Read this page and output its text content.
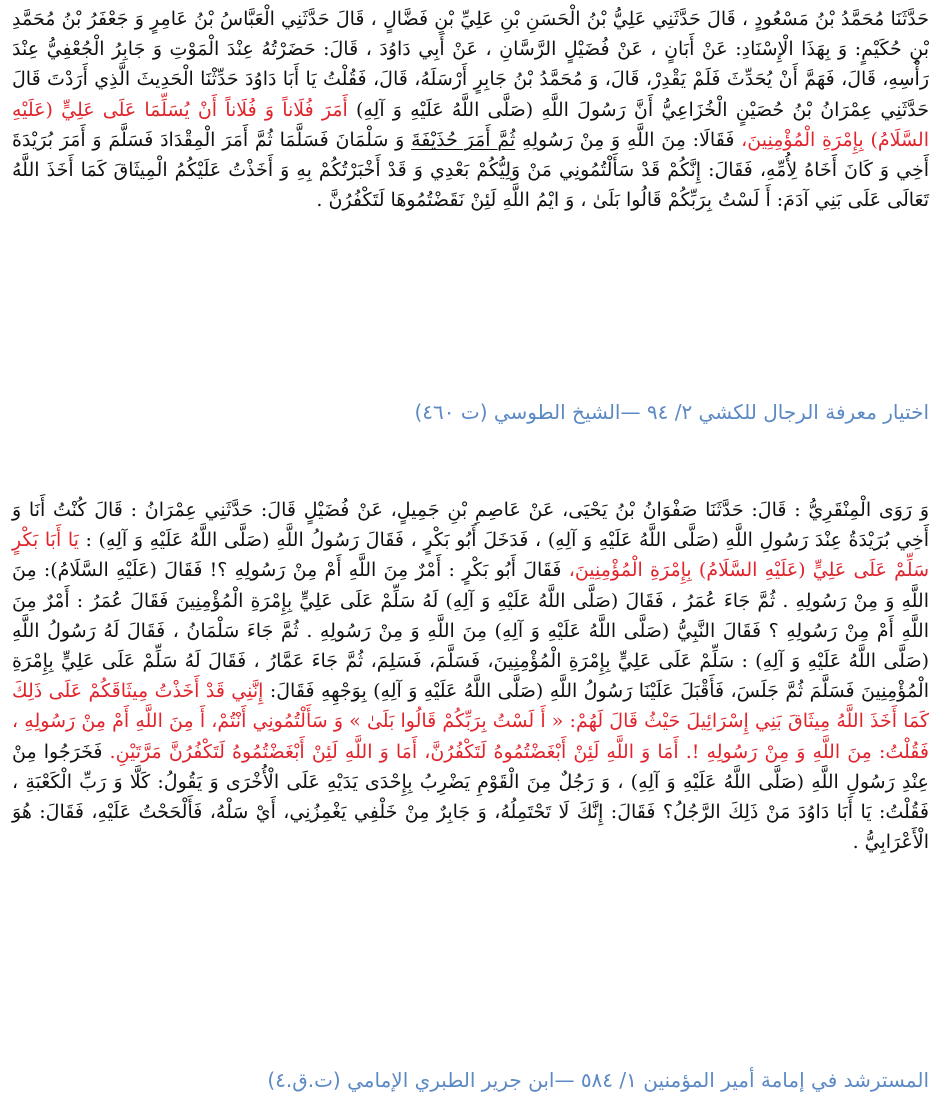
حَدَّثَنَا مُحَمَّدُ بْنُ مَسْعُودٍ ، قَالَ حَدَّثَنِي عَلِيُّ بْنُ الْحَسَنِ بْنِ عَلِيِّ بْنِ فَضَّالٍ ، قَالَ حَدَّثَنِي الْعَبَّاسُ بْنُ عَامِرٍ وَ جَعْفَرُ بْنُ مُحَمَّدِ بْنِ حُكَيْمٍ: وَ بِهَذَا الْإِسْنَادِ: عَنْ أَبَانٍ ، عَنْ فُضَيْلٍ الرَّسَّانِ ، عَنْ أَبِي دَاوُدَ ، قَالَ: حَضَرْتُهُ عِنْدَ الْمَوْتِ وَ جَابِرُ الْجُعْفِيُّ عِنْدَ رَأْسِهِ، قَالَ، فَهَمَّ أَنْ يُحَدِّثَ فَلَمْ يَقْدِرْ، قَالَ، وَ مُحَمَّدُ بْنُ جَابِرٍ أَرْسَلَهُ، قَالَ، فَقُلْتُ يَا أَبَا دَاوُدَ حَدِّثْنَا الْحَدِيثَ الَّذِي أَرَدْتَ قَالَ حَدَّثَنِي عِمْرَانُ بْنُ حُصَيْنٍ الْخُزَاعِيُّ أَنَّ رَسُولَ اللَّهِ (صَلَّى اللَّهُ عَلَيْهِ وَ آلِهِ) أَمَرَ فُلَاناً وَ فُلَاناً أَنْ يُسَلِّمَا عَلَى عَلِيٍّ (عَلَيْهِ السَّلَامُ) بِإِمْرَةِ الْمُؤْمِنِينَ، فَقَالَا: مِنَ اللَّهِ وَ مِنْ رَسُولِهِ ثُمَّ أَمَرَ حُذَيْفَةَ وَ سَلْمَانَ فَسَلَّمَا ثُمَّ أَمَرَ الْمِقْدَادَ فَسَلَّمَ وَ أَمَرَ بُرَيْدَةَ أَخِي وَ كَانَ أَخَاهُ لِأُمِّهِ، فَقَالَ: إِنَّكُمْ قَدْ سَأَلْتُمُونِي مَنْ وَلِيُّكُمْ بَعْدِي وَ قَدْ أَخْبَرْتُكُمْ بِهِ وَ أَخَذْتُ عَلَيْكُمُ الْمِيثَاقَ كَمَا أَخَذَ اللَّهُ تَعَالَى عَلَى بَنِي آدَمَ: أَ لَسْتُ بِرَبِّكُمْ قَالُوا بَلَىٰ ، وَ ايْمُ اللَّهِ لَئِنْ نَقَضْتُمُوهَا لَتَكْفُرُنَّ .
اختيار معرفة الرجال للكشي ٢/ ٩٤ —الشيخ الطوسي (ت ٤٦٠)
وَ رَوَى الْمِنْقَرِيُّ : قَالَ: حَدَّثَنَا صَفْوَانُ بْنُ يَحْيَى، عَنْ عَاصِمِ بْنِ جَمِيلٍ، عَنْ فُضَيْلٍ قَالَ: حَدَّثَنِي عِمْرَانُ : قَالَ كُنْتُ أَنَا وَ أَخِي بُرَيْدَةُ عِنْدَ رَسُولِ اللَّهِ (صَلَّى اللَّهُ عَلَيْهِ وَ آلِهِ) ، فَدَخَلَ أَبُو بَكْرٍ ، فَقَالَ رَسُولُ اللَّهِ (صَلَّى اللَّهُ عَلَيْهِ وَ آلِهِ) : يَا أَبَا بَكْرٍ سَلِّمْ عَلَى عَلِيٍّ (عَلَيْهِ السَّلَامُ) بِإِمْرَةِ الْمُؤْمِنِينَ، فَقَالَ أَبُو بَكْرٍ : أَمْرٌ مِنَ اللَّهِ أَمْ مِنْ رَسُولِهِ ؟! فَقَالَ (عَلَيْهِ السَّلَامُ): مِنَ اللَّهِ وَ مِنْ رَسُولِهِ . ثُمَّ جَاءَ عُمَرُ ، فَقَالَ (صَلَّى اللَّهُ عَلَيْهِ وَ آلِهِ) لَهُ سَلِّمْ عَلَى عَلِيٍّ بِإِمْرَةِ الْمُؤْمِنِينَ فَقَالَ عُمَرُ : أَمْرٌ مِنَ اللَّهِ أَمْ مِنْ رَسُولِهِ ؟ فَقَالَ النَّبِيُّ (صَلَّى اللَّهُ عَلَيْهِ وَ آلِهِ) مِنَ اللَّهِ وَ مِنْ رَسُولِهِ . ثُمَّ جَاءَ سَلْمَانُ ، فَقَالَ لَهُ رَسُولُ اللَّهِ (صَلَّى اللَّهُ عَلَيْهِ وَ آلِهِ) : سَلِّمْ عَلَى عَلِيٍّ بِإِمْرَةِ الْمُؤْمِنِينَ، فَسَلَّمَ، فَسَلِمَ، ثُمَّ جَاءَ عَمَّارُ ، فَقَالَ لَهُ سَلِّمْ عَلَى عَلِيٍّ بِإِمْرَةِ الْمُؤْمِنِينَ فَسَلَّمَ ثُمَّ جَلَسَ، فَأَقْبَلَ عَلَيْنَا رَسُولُ اللَّهِ (صَلَّى اللَّهُ عَلَيْهِ وَ آلِهِ) بِوَجْهِهِ فَقَالَ: إِنَّنِي قَدْ أَخَذْتُ مِيثَاقَكُمْ عَلَى ذَلِكَ كَمَا أَخَذَ اللَّهُ مِيثَاقَ بَنِي إِسْرَائِيلَ حَيْثُ قَالَ لَهُمْ: « أَ لَسْتُ بِرَبِّكُمْ قَالُوا بَلَىٰ » وَ سَأَلْتُمُونِي أَنْتُمْ، أَ مِنَ اللَّهِ أَمْ مِنْ رَسُولِهِ ، فَقُلْتُ: مِنَ اللَّهِ وَ مِنْ رَسُولِهِ !. أَمَا وَ اللَّهِ لَئِنْ أَبْغَضْتُمُوهُ لَتَكْفُرُنَّ، أَمَا وَ اللَّهِ لَئِنْ أَبْغَضْتُمُوهُ لَتَكْفُرُنَّ مَرَّتَيْنِ. فَخَرَجُوا مِنْ عِنْدِ رَسُولِ اللَّهِ (صَلَّى اللَّهُ عَلَيْهِ وَ آلِهِ) ، وَ رَجُلٌ مِنَ الْقَوْمِ يَضْرِبُ بِإِحْدَى يَدَيْهِ عَلَى الْأُخْرَى وَ يَقُولُ: كَلَّا وَ رَبِّ الْكَعْبَةِ ، فَقُلْتُ: يَا أَبَا دَاوُدَ مَنْ ذَلِكَ الرَّجُلُ؟ فَقَالَ: إِنَّكَ لَا تَحْتَمِلُهُ، وَ جَابِرٌ مِنْ خَلْفِي يَغْمِزُنِي، أَيْ سَلْهُ، فَأَلْحَحْتُ عَلَيْهِ، فَقَالَ: هُوَ الْأَعْرَابِيُّ .
المسترشد في إمامة أمير المؤمنين ١/ ٥٨٤ —ابن جرير الطبري الإمامي (ت.ق.٤)
